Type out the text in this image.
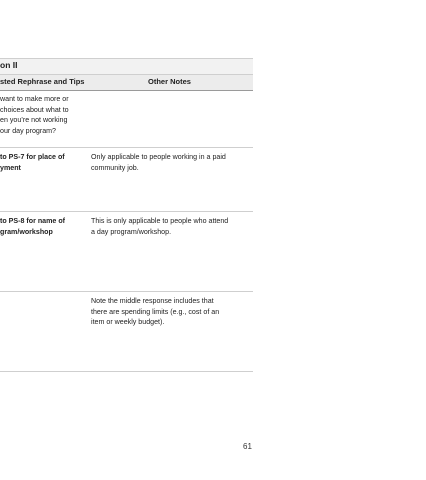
on II
sted Rephrase and Tips	Other Notes
want to make more or
choices about what to
en you’re not working
our day program?
to PS-7 for place of
yment
Only applicable to people working in a paid
community job.
to PS-8 for name of
gram/workshop
This is only applicable to people who attend
a day program/workshop.
Note the middle response includes that
there are spending limits (e.g., cost of an
item or weekly budget).
61
